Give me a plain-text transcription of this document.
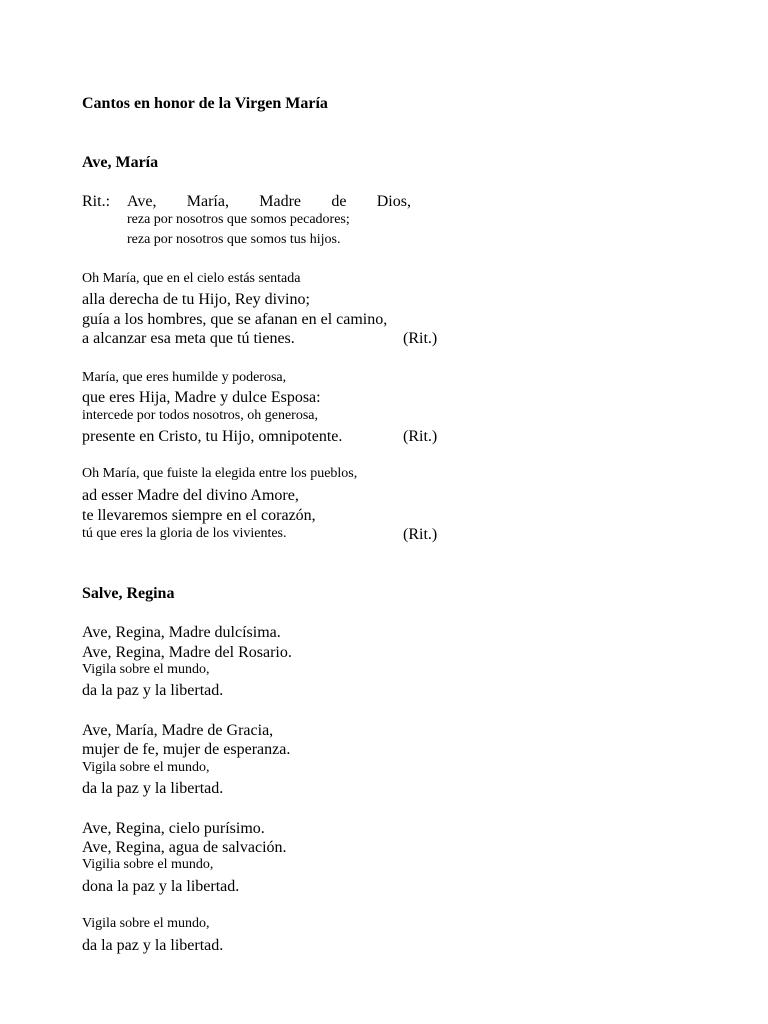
Cantos en honor de la Virgen María
Ave, María
Rit.: Ave, María, Madre de Dios,
reza por nosotros que somos pecadores;
reza por nosotros que somos tus hijos.
Oh María, que en el cielo estás sentada
alla derecha de tu Hijo, Rey divino;
guía a los hombres, que se afanan en el camino,
a alcanzar esa meta que tú tienes.	(Rit.)
María, que eres humilde y poderosa,
que eres Hija, Madre y dulce Esposa:
intercede por todos nosotros, oh generosa,
presente en Cristo, tu Hijo, omnipotente.	(Rit.)
Oh María, que fuiste la elegida entre los pueblos,
ad esser Madre del divino Amore,
te llevaremos siempre en el corazón,
tú que eres la gloria de los vivientes.	(Rit.)
Salve, Regina
Ave, Regina, Madre dulcísima.
Ave, Regina, Madre del Rosario.
Vigila sobre el mundo,
da la paz y la libertad.
Ave, María, Madre de Gracia,
mujer de fe, mujer de esperanza.
Vigila sobre el mundo,
da la paz y la libertad.
Ave, Regina, cielo purísimo.
Ave, Regina, agua de salvación.
Vigilia sobre el mundo,
dona la paz y la libertad.
Vigila sobre el mundo,
da la paz y la libertad.
